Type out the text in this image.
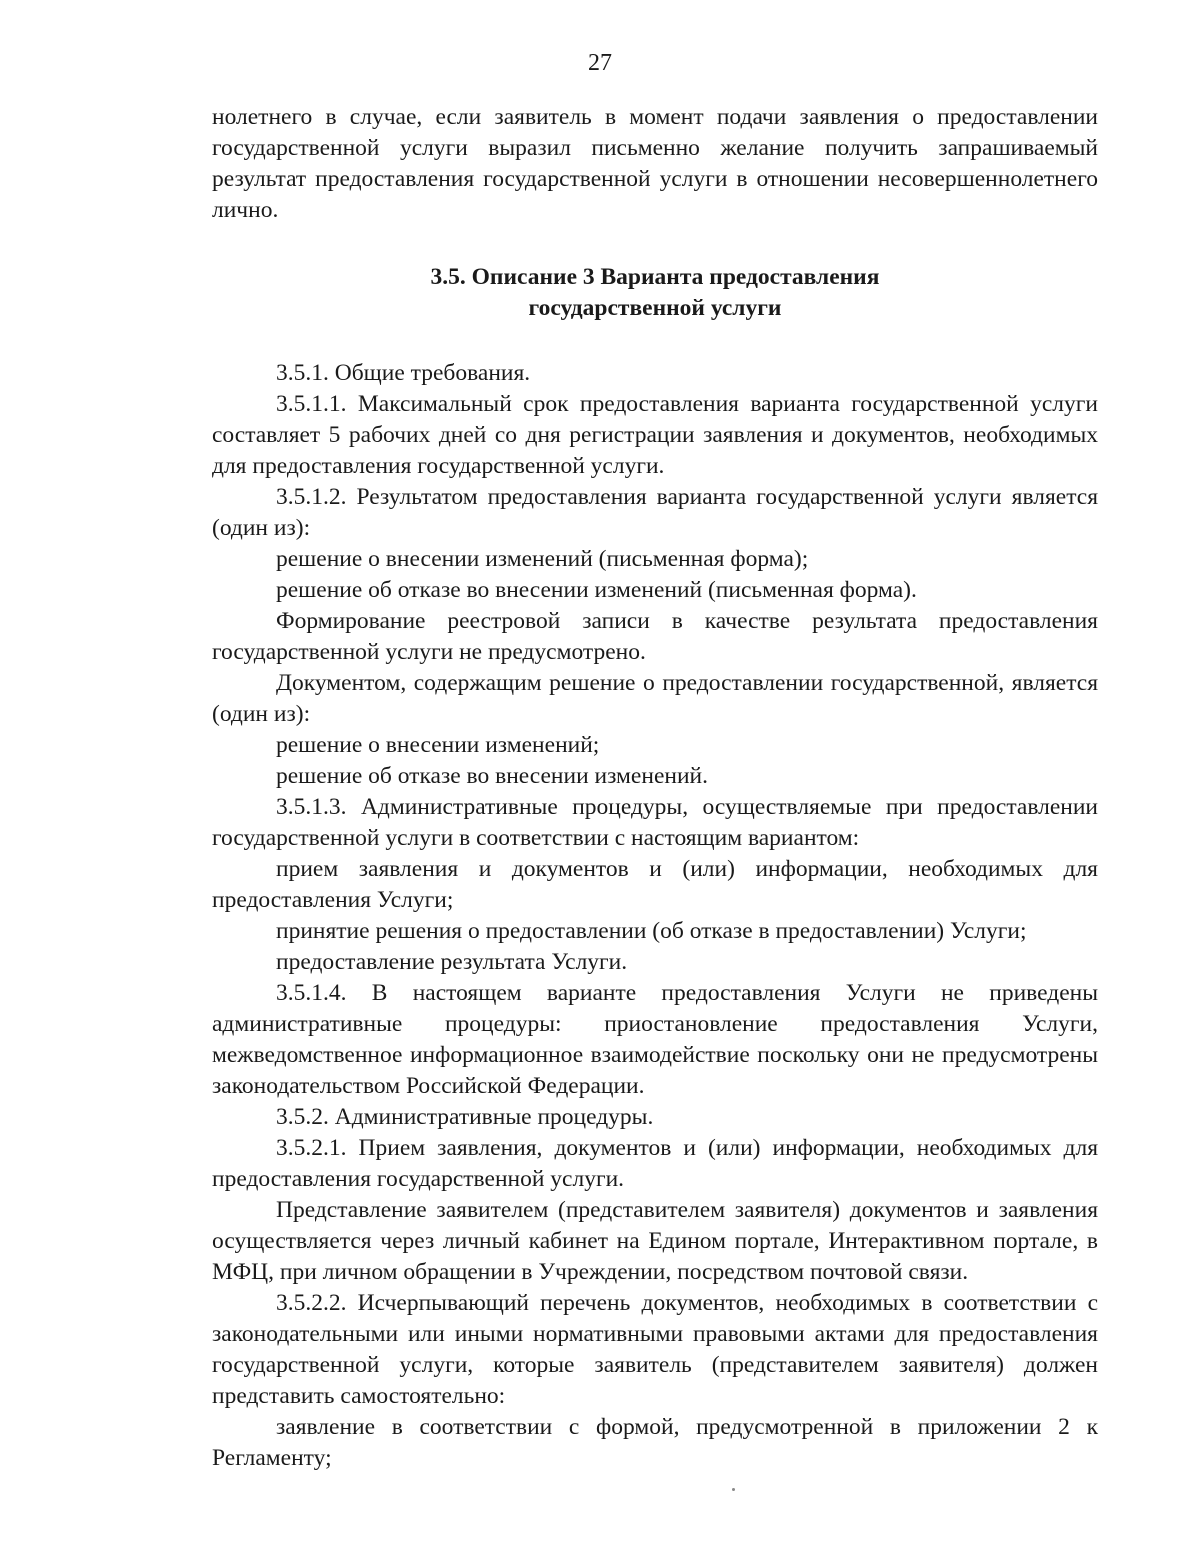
27

нолетнего в случае, если заявитель в момент подачи заявления о предоставлении государственной услуги выразил письменно желание получить запрашиваемый результат предоставления государственной услуги в отношении несовершеннолетнего лично.

3.5. Описание 3 Варианта предоставления
государственной услуги

3.5.1. Общие требования.

3.5.1.1. Максимальный срок предоставления варианта государственной услуги составляет 5 рабочих дней со дня регистрации заявления и документов, необходимых для предоставления государственной услуги.

3.5.1.2. Результатом предоставления варианта государственной услуги является (один из):

решение о внесении изменений (письменная форма);

решение об отказе во внесении изменений (письменная форма).

Формирование реестровой записи в качестве результата предоставления государственной услуги не предусмотрено.

Документом, содержащим решение о предоставлении государственной, является (один из):

решение о внесении изменений;

решение об отказе во внесении изменений.

3.5.1.3. Административные процедуры, осуществляемые при предоставлении государственной услуги в соответствии с настоящим вариантом:

прием заявления и документов и (или) информации, необходимых для предоставления Услуги;

принятие решения о предоставлении (об отказе в предоставлении) Услуги;

предоставление результата Услуги.

3.5.1.4. В настоящем варианте предоставления Услуги не приведены административные процедуры: приостановление предоставления Услуги, межведомственное информационное взаимодействие поскольку они не предусмотрены законодательством Российской Федерации.

3.5.2. Административные процедуры.

3.5.2.1. Прием заявления, документов и (или) информации, необходимых для предоставления государственной услуги.

Представление заявителем (представителем заявителя) документов и заявления осуществляется через личный кабинет на Едином портале, Интерактивном портале, в МФЦ, при личном обращении в Учреждении, посредством почтовой связи.

3.5.2.2. Исчерпывающий перечень документов, необходимых в соответствии с законодательными или иными нормативными правовыми актами для предоставления государственной услуги, которые заявитель (представителем заявителя) должен представить самостоятельно:

заявление в соответствии с формой, предусмотренной в приложении 2 к Регламенту;
